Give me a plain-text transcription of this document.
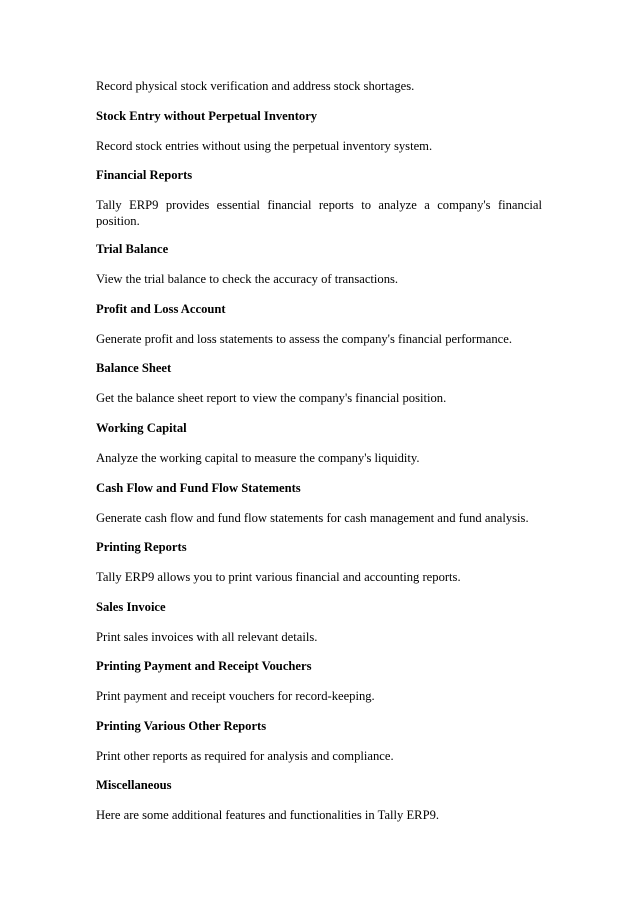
Record physical stock verification and address stock shortages.

Stock Entry without Perpetual Inventory

Record stock entries without using the perpetual inventory system.

Financial Reports

Tally ERP9 provides essential financial reports to analyze a company's financial position.

Trial Balance

View the trial balance to check the accuracy of transactions.

Profit and Loss Account

Generate profit and loss statements to assess the company's financial performance.

Balance Sheet

Get the balance sheet report to view the company's financial position.

Working Capital

Analyze the working capital to measure the company's liquidity.

Cash Flow and Fund Flow Statements

Generate cash flow and fund flow statements for cash management and fund analysis.

Printing Reports

Tally ERP9 allows you to print various financial and accounting reports.

Sales Invoice

Print sales invoices with all relevant details.

Printing Payment and Receipt Vouchers

Print payment and receipt vouchers for record-keeping.

Printing Various Other Reports

Print other reports as required for analysis and compliance.

Miscellaneous

Here are some additional features and functionalities in Tally ERP9.
